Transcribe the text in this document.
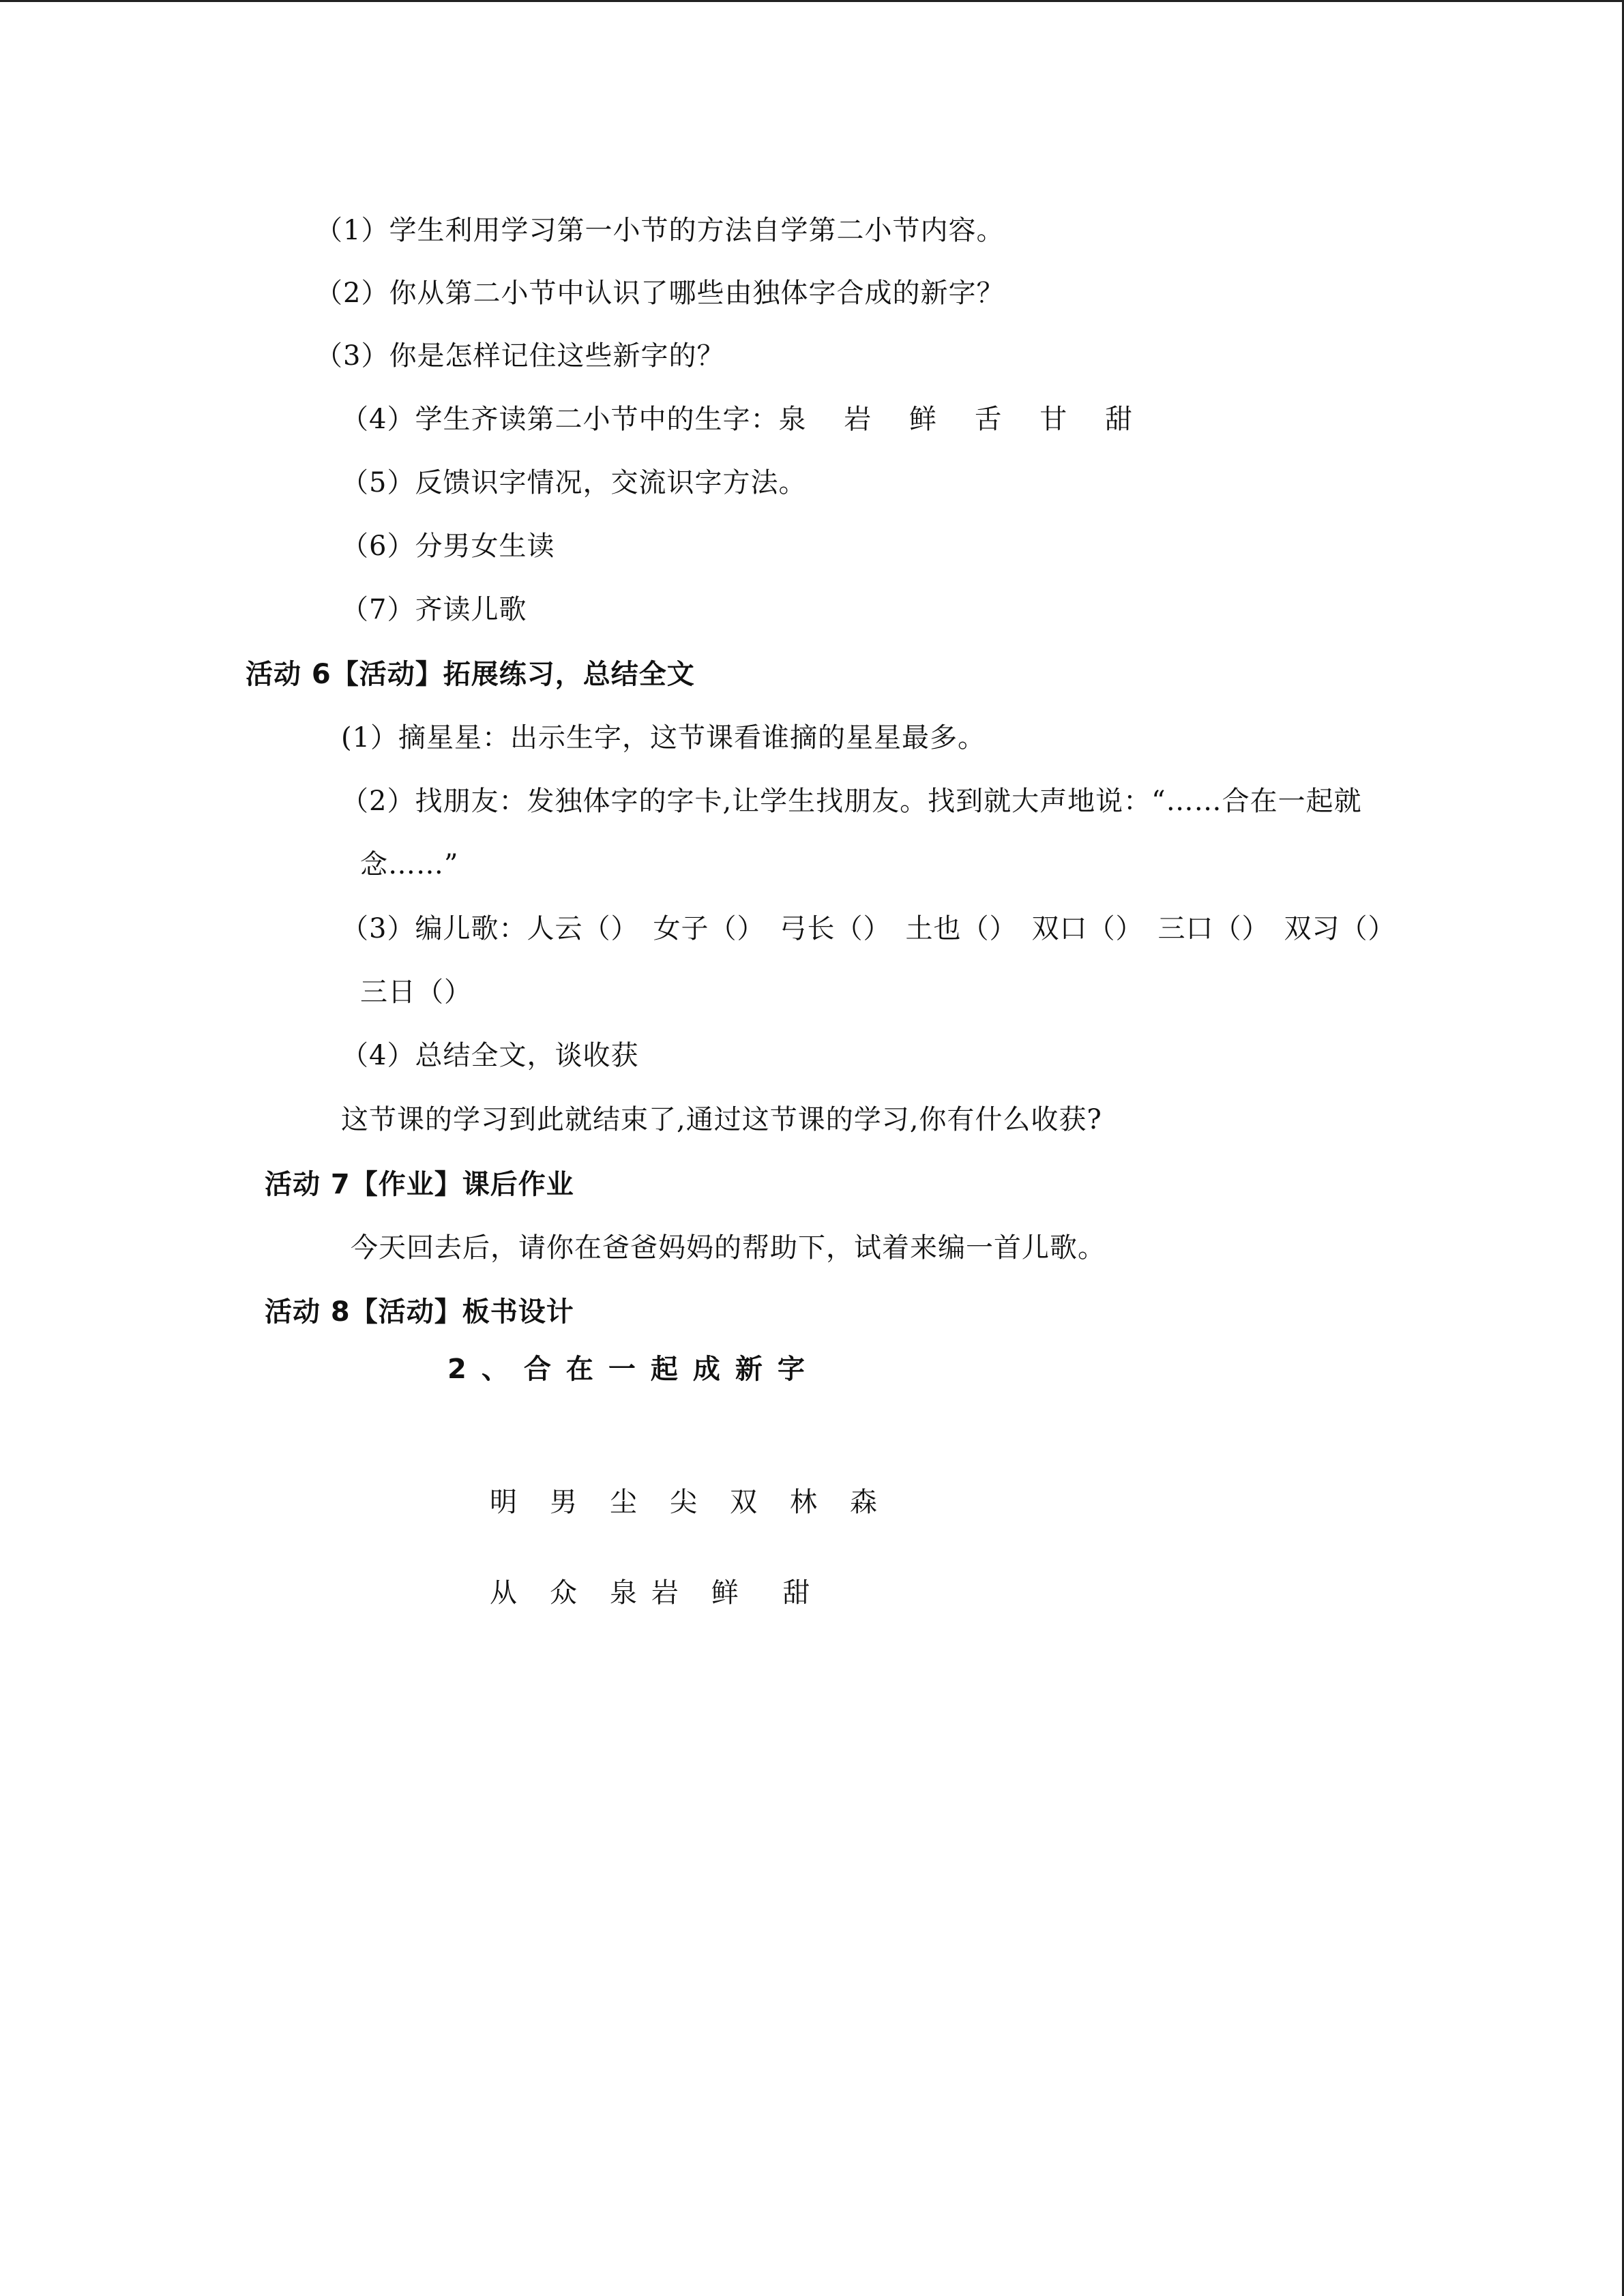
（1）学生利用学习第一小节的方法自学第二小节内容。
（2）你从第二小节中认识了哪些由独体字合成的新字？
（3）你是怎样记住这些新字的？
（4）学生齐读第二小节中的生字：泉　 岩　 鲜　 舌　 甘　 甜
（5）反馈识字情况，交流识字方法。
（6）分男女生读
（7）齐读儿歌
活动 6【活动】拓展练习，总结全文
(1）摘星星：出示生字，这节课看谁摘的星星最多。
（2）找朋友：发独体字的字卡,让学生找朋友。找到就大声地说：“……合在一起就
念……”
（3）编儿歌：人云（）　女子（）　弓长（）　土也（）　双口（）　三口（）　双习（）
三日（）
（4）总结全文，谈收获
这节课的学习到此就结束了,通过这节课的学习,你有什么收获?
活动 7【作业】课后作业
今天回去后，请你在爸爸妈妈的帮助下，试着来编一首儿歌。
活动 8【活动】板书设计
2、合在一起成新字
明　男　尘　尖　双　林　森
从　众　泉 岩　鲜　 甜
